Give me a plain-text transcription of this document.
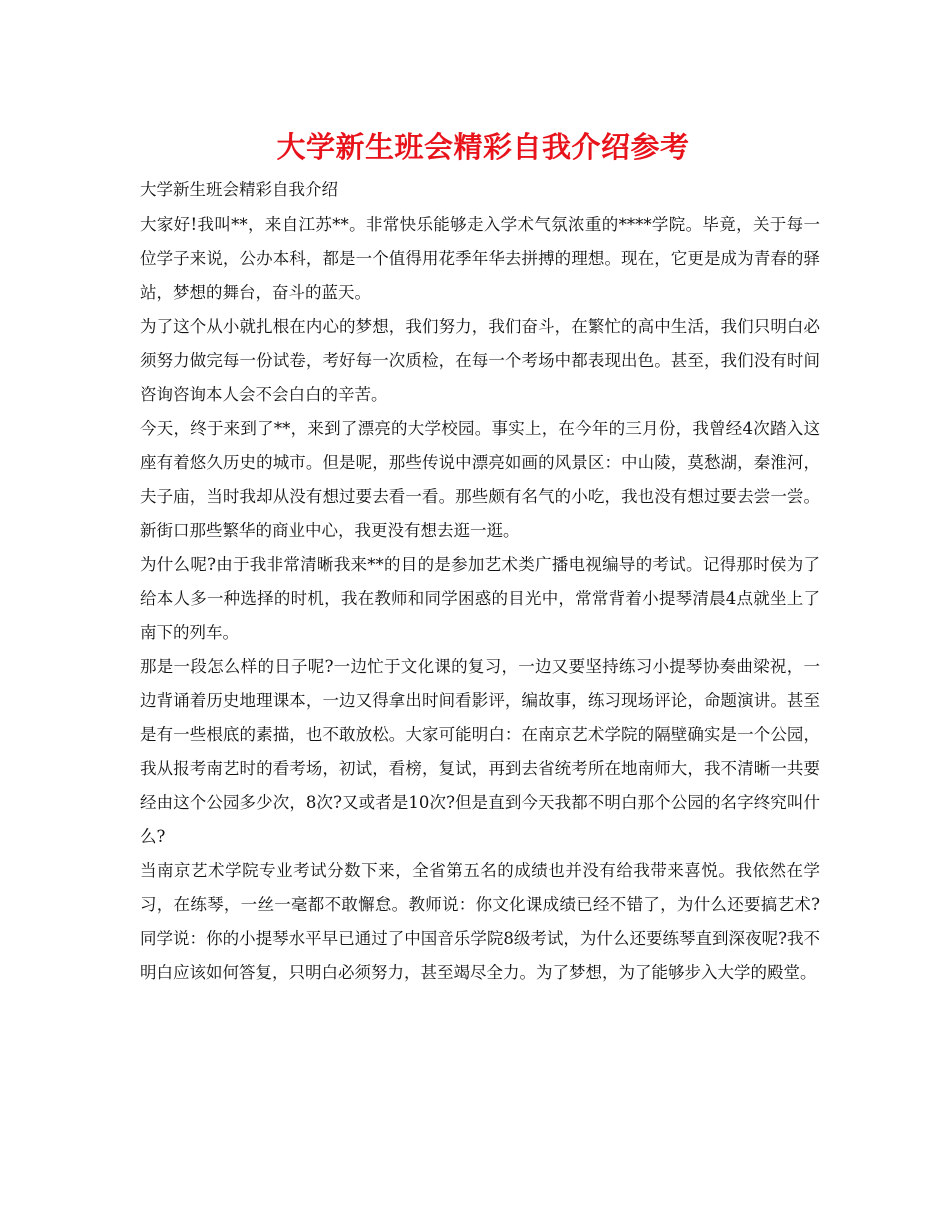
大学新生班会精彩自我介绍参考

大学新生班会精彩自我介绍

大家好!我叫**，来自江苏**。非常快乐能够走入学术气氛浓重的****学院。毕竟，关于每一位学子来说，公办本科，都是一个值得用花季年华去拼搏的理想。现在，它更是成为青春的驿站，梦想的舞台，奋斗的蓝天。

为了这个从小就扎根在内心的梦想，我们努力，我们奋斗，在繁忙的高中生活，我们只明白必须努力做完每一份试卷，考好每一次质检，在每一个考场中都表现出色。甚至，我们没有时间咨询咨询本人会不会白白的辛苦。

今天，终于来到了**，来到了漂亮的大学校园。事实上，在今年的三月份，我曾经4次踏入这座有着悠久历史的城市。但是呢，那些传说中漂亮如画的风景区：中山陵，莫愁湖，秦淮河，夫子庙，当时我却从没有想过要去看一看。那些颇有名气的小吃，我也没有想过要去尝一尝。新街口那些繁华的商业中心，我更没有想去逛一逛。

为什么呢?由于我非常清晰我来**的目的是参加艺术类广播电视编导的考试。记得那时侯为了给本人多一种选择的时机，我在教师和同学困惑的目光中，常常背着小提琴清晨4点就坐上了南下的列车。

那是一段怎么样的日子呢?一边忙于文化课的复习，一边又要坚持练习小提琴协奏曲梁祝，一边背诵着历史地理课本，一边又得拿出时间看影评，编故事，练习现场评论，命题演讲。甚至是有一些根底的素描，也不敢放松。大家可能明白：在南京艺术学院的隔壁确实是一个公园，我从报考南艺时的看考场，初试，看榜，复试，再到去省统考所在地南师大，我不清晰一共要经由这个公园多少次，8次?又或者是10次?但是直到今天我都不明白那个公园的名字终究叫什么?

当南京艺术学院专业考试分数下来，全省第五名的成绩也并没有给我带来喜悦。我依然在学习，在练琴，一丝一毫都不敢懈怠。教师说：你文化课成绩已经不错了，为什么还要搞艺术?同学说：你的小提琴水平早已通过了中国音乐学院8级考试，为什么还要练琴直到深夜呢?我不明白应该如何答复，只明白必须努力，甚至竭尽全力。为了梦想，为了能够步入大学的殿堂。
